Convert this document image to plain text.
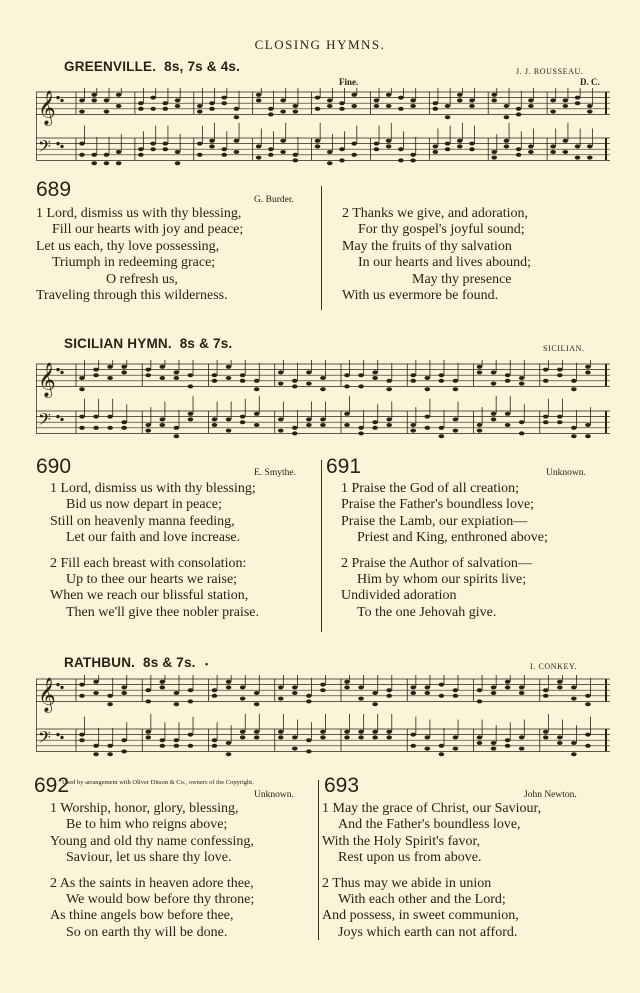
CLOSING HYMNS.
GREENVILLE. 8s, 7s & 4s.	J. J. ROUSSEAU.
Fine.	D. C.
𝄞
𝄢
689	G. Burder.
1 Lord, dismiss us with thy blessing,
Fill our hearts with joy and peace;
Let us each, thy love possessing,
Triumph in redeeming grace;
O refresh us,
Traveling through this wilderness.
2 Thanks we give, and adoration,
For thy gospel's joyful sound;
May the fruits of thy salvation
In our hearts and lives abound;
May thy presence
With us evermore be found.
SICILIAN HYMN. 8s & 7s.	SICILIAN.
𝄞
𝄢
690	E. Smythe.
1 Lord, dismiss us with thy blessing;
Bid us now depart in peace;
Still on heavenly manna feeding,
Let our faith and love increase.
2 Fill each breast with consolation:
Up to thee our hearts we raise;
When we reach our blissful station,
Then we'll give thee nobler praise.
691	Unknown.
1 Praise the God of all creation;
Praise the Father's boundless love;
Praise the Lamb, our expiation—
Priest and King, enthroned above;
2 Praise the Author of salvation—
Him by whom our spirits live;
Undivided adoration
To the one Jehovah give.
RATHBUN. 8s & 7s.   •	I. CONKEY.
𝄞
𝄢
692
Used by arrangement with Oliver Ditson & Co., owners of the Copyright.
Unknown.
1 Worship, honor, glory, blessing,
Be to him who reigns above;
Young and old thy name confessing,
Saviour, let us share thy love.
2 As the saints in heaven adore thee,
We would bow before thy throne;
As thine angels bow before thee,
So on earth thy will be done.
693	John Newton.
1 May the grace of Christ, our Saviour,
And the Father's boundless love,
With the Holy Spirit's favor,
Rest upon us from above.
2 Thus may we abide in union
With each other and the Lord;
And possess, in sweet communion,
Joys which earth can not afford.
